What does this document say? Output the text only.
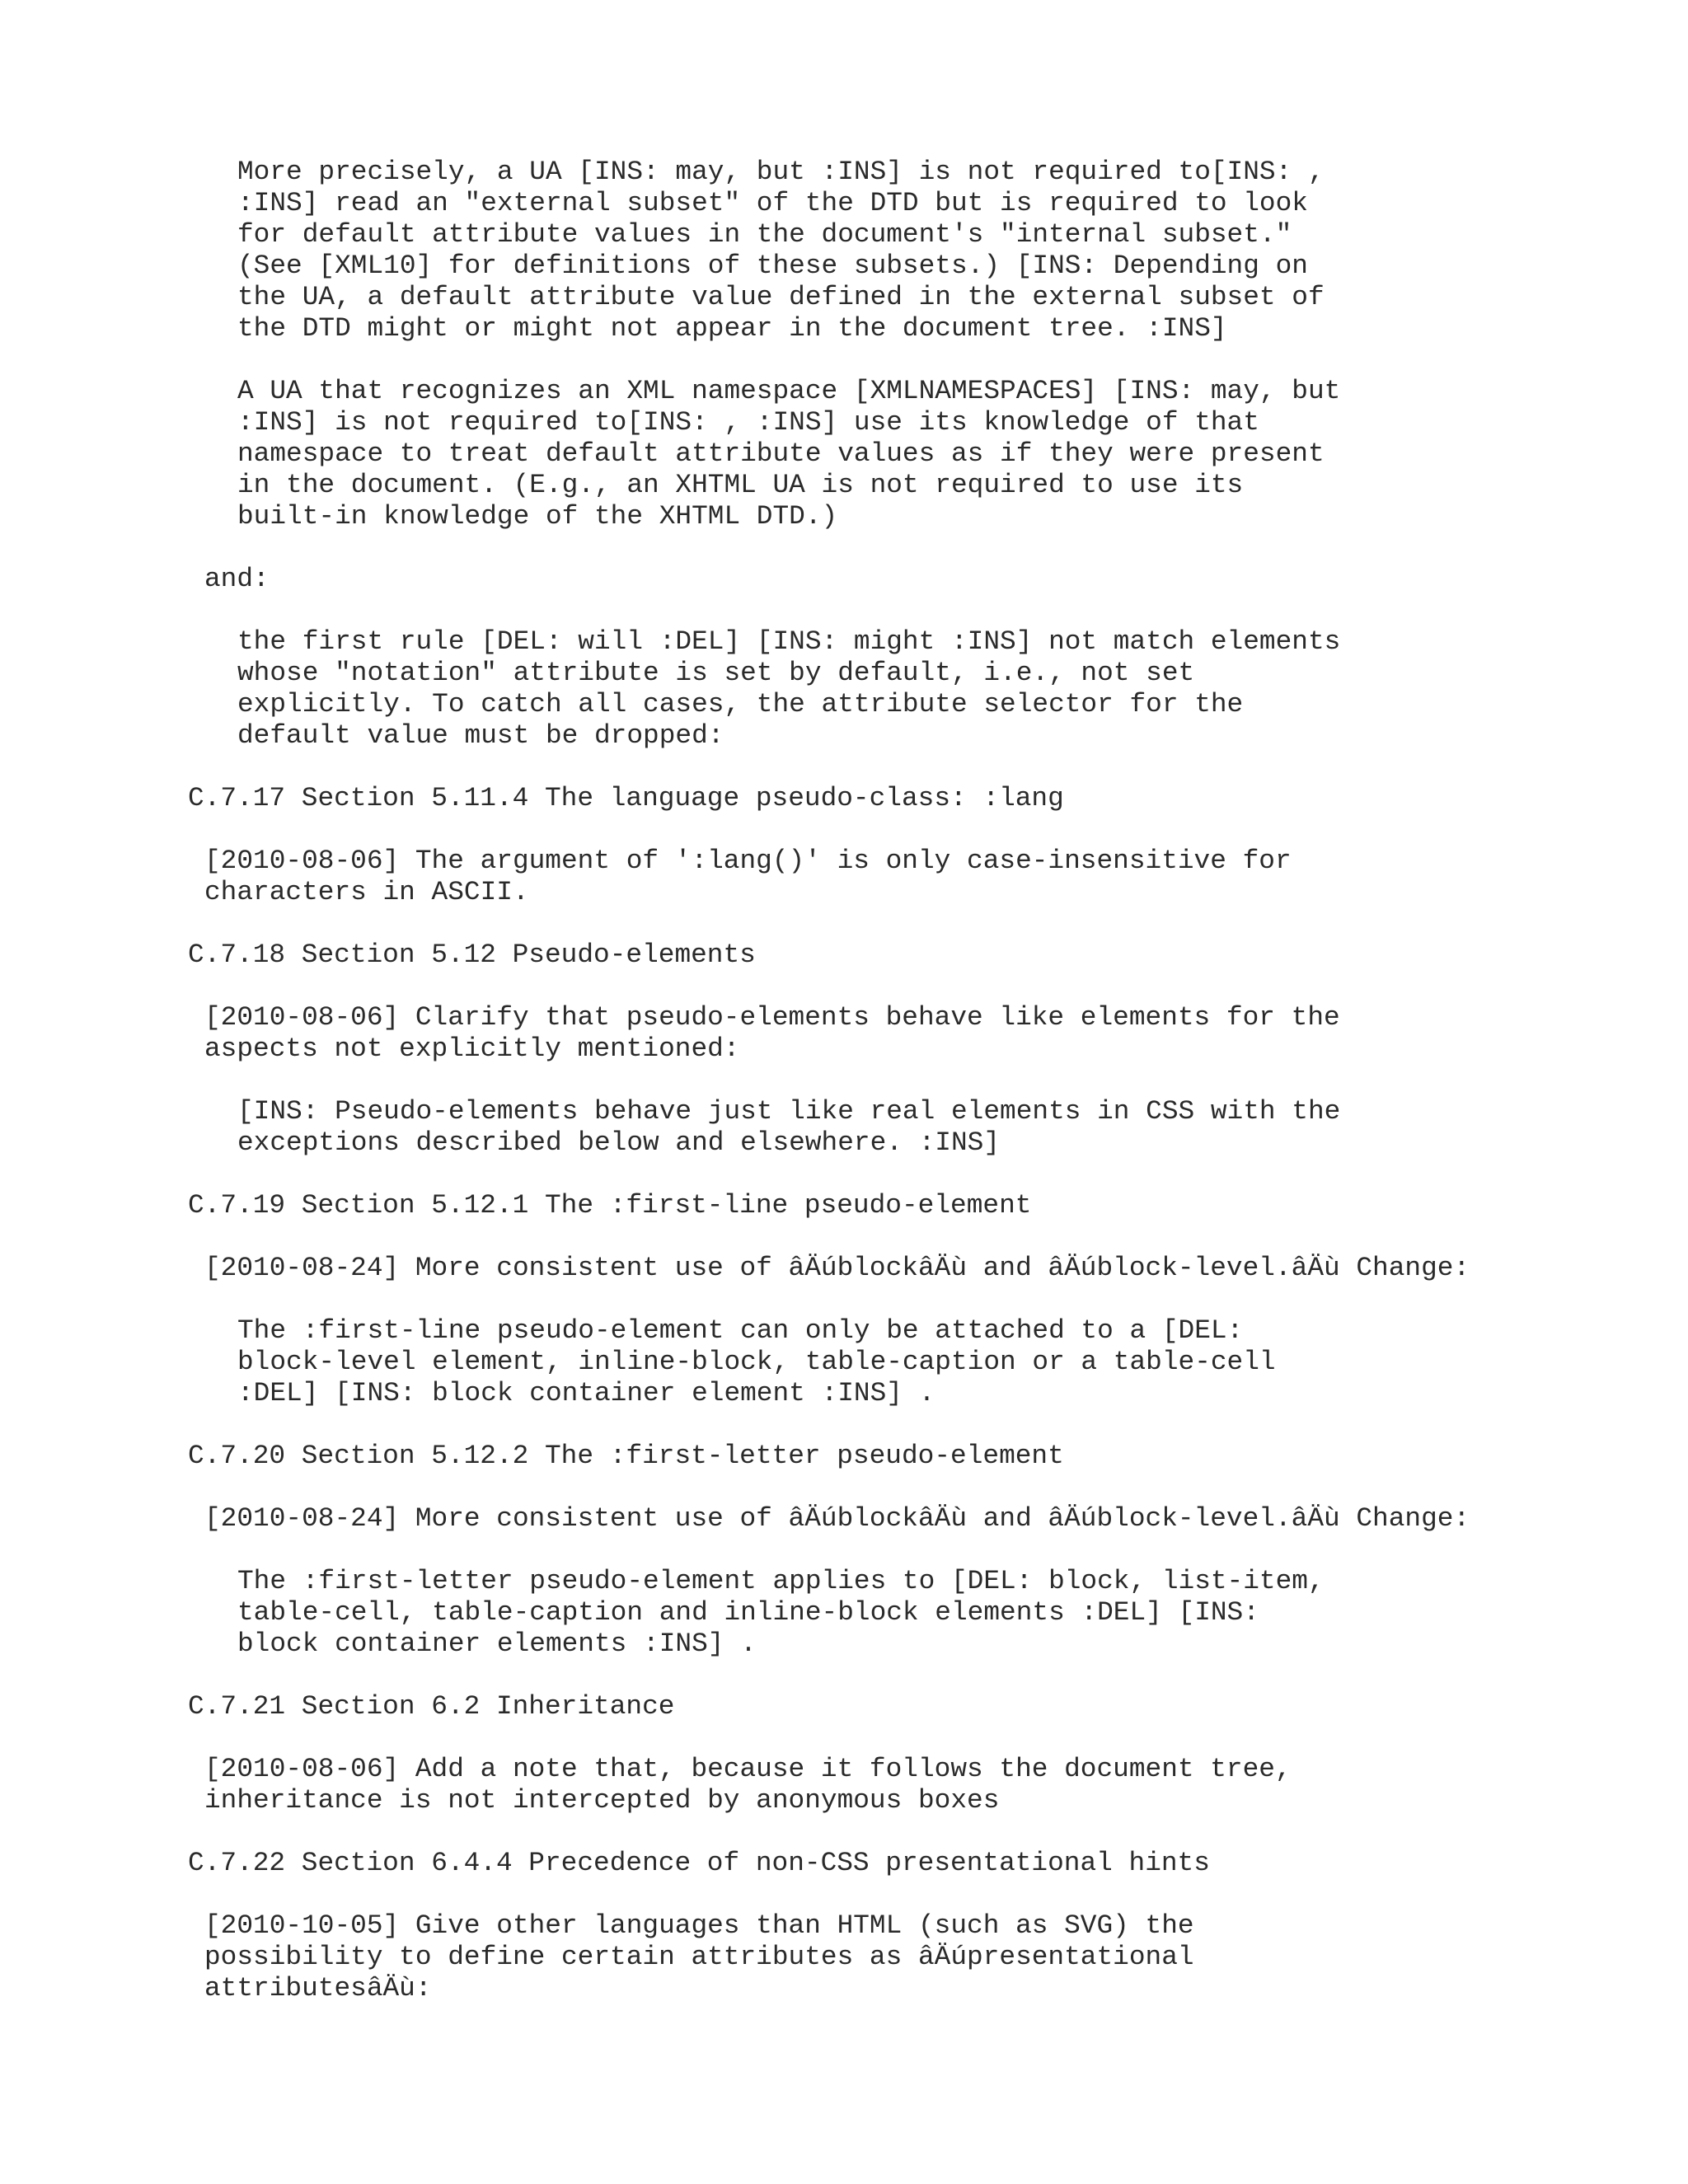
More precisely, a UA [INS: may, but :INS] is not required to[INS: ,
:INS] read an "external subset" of the DTD but is required to look
for default attribute values in the document's "internal subset."
(See [XML10] for definitions of these subsets.) [INS: Depending on
the UA, a default attribute value defined in the external subset of
the DTD might or might not appear in the document tree. :INS]
A UA that recognizes an XML namespace [XMLNAMESPACES] [INS: may, but
:INS] is not required to[INS: , :INS] use its knowledge of that
namespace to treat default attribute values as if they were present
in the document. (E.g., an XHTML UA is not required to use its
built-in knowledge of the XHTML DTD.)
and:
the first rule [DEL: will :DEL] [INS: might :INS] not match elements
whose "notation" attribute is set by default, i.e., not set
explicitly. To catch all cases, the attribute selector for the
default value must be dropped:
C.7.17 Section 5.11.4 The language pseudo-class: :lang
[2010-08-06] The argument of ':lang()' is only case-insensitive for
characters in ASCII.
C.7.18 Section 5.12 Pseudo-elements
[2010-08-06] Clarify that pseudo-elements behave like elements for the
aspects not explicitly mentioned:
[INS: Pseudo-elements behave just like real elements in CSS with the
exceptions described below and elsewhere. :INS]
C.7.19 Section 5.12.1 The :first-line pseudo-element
[2010-08-24] More consistent use of âÄúblockâÄù and âÄúblock-level.âÄù Change:
The :first-line pseudo-element can only be attached to a [DEL:
block-level element, inline-block, table-caption or a table-cell
:DEL] [INS: block container element :INS] .
C.7.20 Section 5.12.2 The :first-letter pseudo-element
[2010-08-24] More consistent use of âÄúblockâÄù and âÄúblock-level.âÄù Change:
The :first-letter pseudo-element applies to [DEL: block, list-item,
table-cell, table-caption and inline-block elements :DEL] [INS:
block container elements :INS] .
C.7.21 Section 6.2 Inheritance
[2010-08-06] Add a note that, because it follows the document tree,
inheritance is not intercepted by anonymous boxes
C.7.22 Section 6.4.4 Precedence of non-CSS presentational hints
[2010-10-05] Give other languages than HTML (such as SVG) the
possibility to define certain attributes as âÄúpresentational
attributesâÄù:
